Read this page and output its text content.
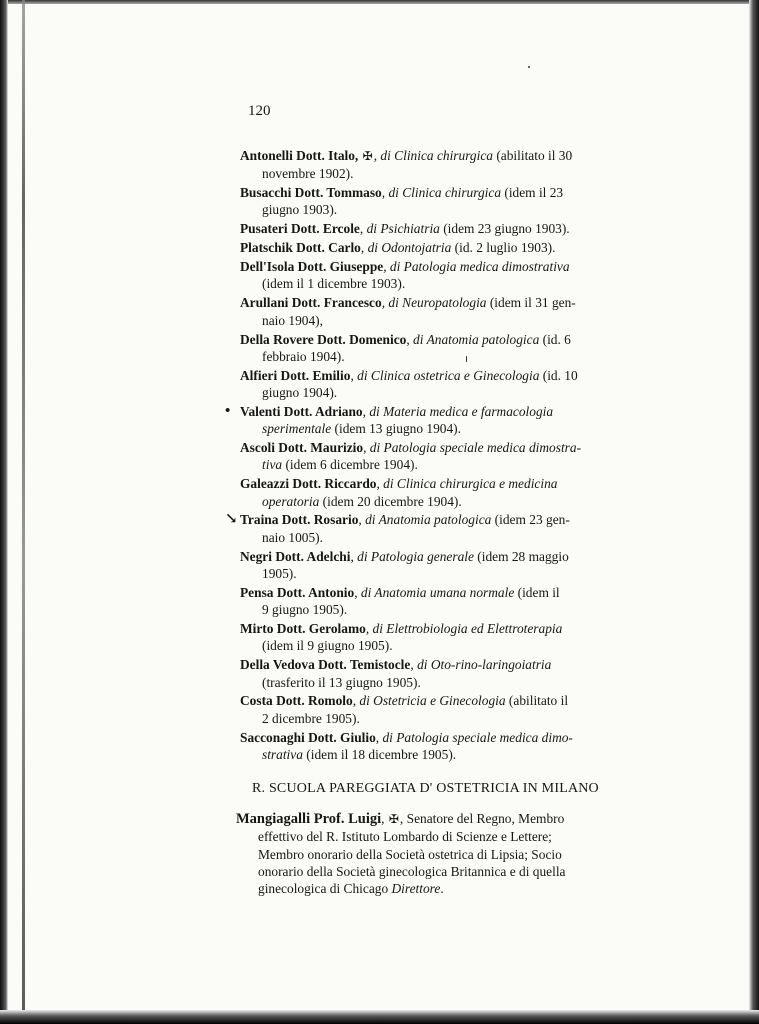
120
Antonelli Dott. Italo, ✠, di Clinica chirurgica (abilitato il 30
novembre 1902).
Busacchi Dott. Tommaso, di Clinica chirurgica (idem il 23
giugno 1903).
Pusateri Dott. Ercole, di Psichiatria (idem 23 giugno 1903).
Platschik Dott. Carlo, di Odontojatria (id. 2 luglio 1903).
Dell'Isola Dott. Giuseppe, di Patologia medica dimostrativa
(idem il 1 dicembre 1903).
Arullani Dott. Francesco, di Neuropatologia (idem il 31 gen-
naio 1904),
Della Rovere Dott. Domenico, di Anatomia patologica (id. 6
febbraio 1904).
Alfieri Dott. Emilio, di Clinica ostetrica e Ginecologia (id. 10
giugno 1904).
• Valenti Dott. Adriano, di Materia medica e farmacologia
sperimentale (idem 13 giugno 1904).
Ascoli Dott. Maurizio, di Patologia speciale medica dimostra-
tiva (idem 6 dicembre 1904).
Galeazzi Dott. Riccardo, di Clinica chirurgica e medicina
operatoria (idem 20 dicembre 1904).
↘ Traina Dott. Rosario, di Anatomia patologica (idem 23 gen-
naio 1005).
Negri Dott. Adelchi, di Patologia generale (idem 28 maggio
1905).
Pensa Dott. Antonio, di Anatomia umana normale (idem il
9 giugno 1905).
Mirto Dott. Gerolamo, di Elettrobiologia ed Elettroterapia
(idem il 9 giugno 1905).
Della Vedova Dott. Temistocle, di Oto-rino-laringoiatria
(trasferito il 13 giugno 1905).
Costa Dott. Romolo, di Ostetricia e Ginecologia (abilitato il
2 dicembre 1905).
Sacconaghi Dott. Giulio, di Patologia speciale medica dimo-
strativa (idem il 18 dicembre 1905).
R. SCUOLA PAREGGIATA D' OSTETRICIA IN MILANO
Mangiagalli Prof. Luigi, ✠, Senatore del Regno, Membro
effettivo del R. Istituto Lombardo di Scienze e Lettere;
Membro onorario della Società ostetrica di Lipsia; Socio
onorario della Società ginecologica Britannica e di quella
ginecologica di Chicago Direttore.
